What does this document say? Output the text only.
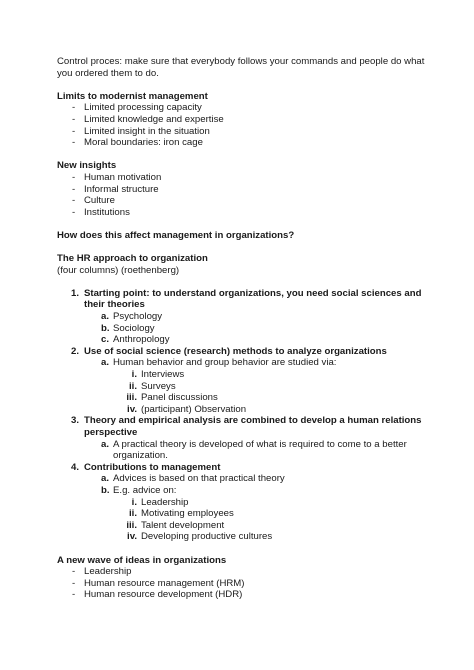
Control proces: make sure that everybody follows your commands and people do what you ordered them to do.

Limits to modernist management

- Limited processing capacity
- Limited knowledge and expertise
- Limited insight in the situation
- Moral boundaries: iron cage

New insights

- Human motivation
- Informal structure
- Culture
- Institutions

How does this affect management in organizations?

The HR approach to organization

(four columns) (roethenberg)

1. Starting point: to understand organizations, you need social sciences and their theories
a. Psychology
b. Sociology
c. Anthropology
2. Use of social science (research) methods to analyze organizations
a. Human behavior and group behavior are studied via:
i. Interviews
ii. Surveys
iii. Panel discussions
iv. (participant) Observation
3. Theory and empirical analysis are combined to develop a human relations perspective
a. A practical theory is developed of what is required to come to a better organization.
4. Contributions to management
a. Advices is based on that practical theory
b. E.g. advice on:
i. Leadership
ii. Motivating employees
iii. Talent development
iv. Developing productive cultures

A new wave of ideas in organizations

- Leadership
- Human resource management (HRM)
- Human resource development (HDR)
